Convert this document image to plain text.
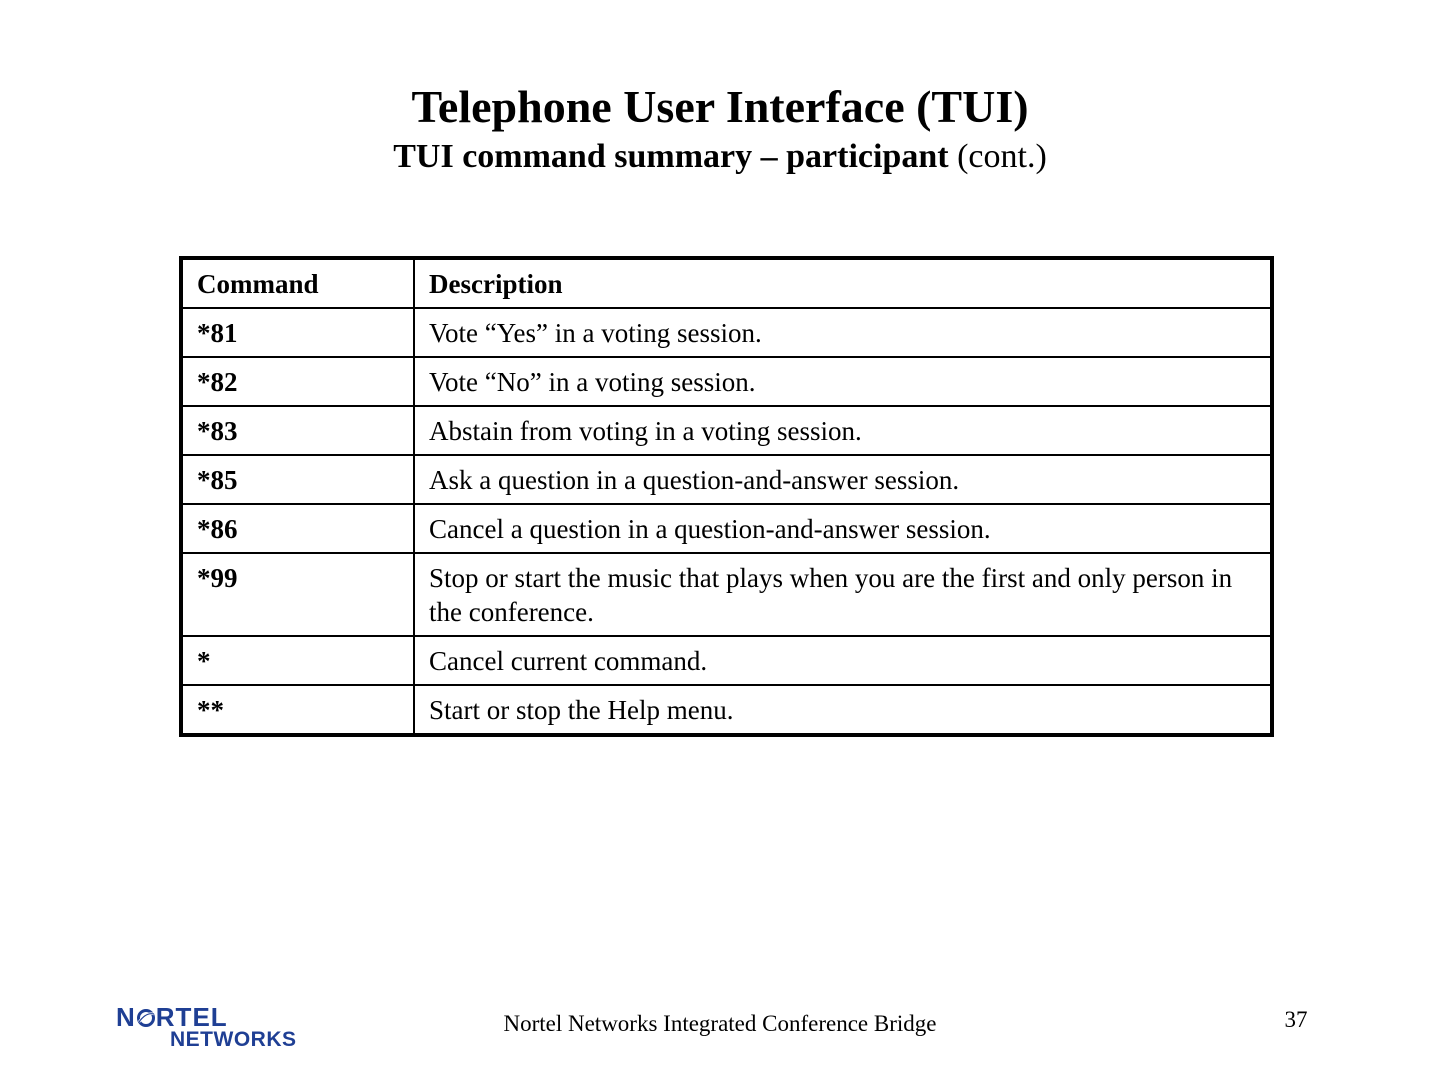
Telephone User Interface (TUI)

TUI command summary – participant (cont.)

Command	Description
*81	Vote “Yes” in a voting session.
*82	Vote “No” in a voting session.
*83	Abstain from voting in a voting session.
*85	Ask a question in a question-and-answer session.
*86	Cancel a question in a question-and-answer session.
*99	Stop or start the music that plays when you are the first and only person in the conference.
*	Cancel current command.
**	Start or stop the Help menu.
N RTEL
NETWORKS
Nortel Networks Integrated Conference Bridge	37
